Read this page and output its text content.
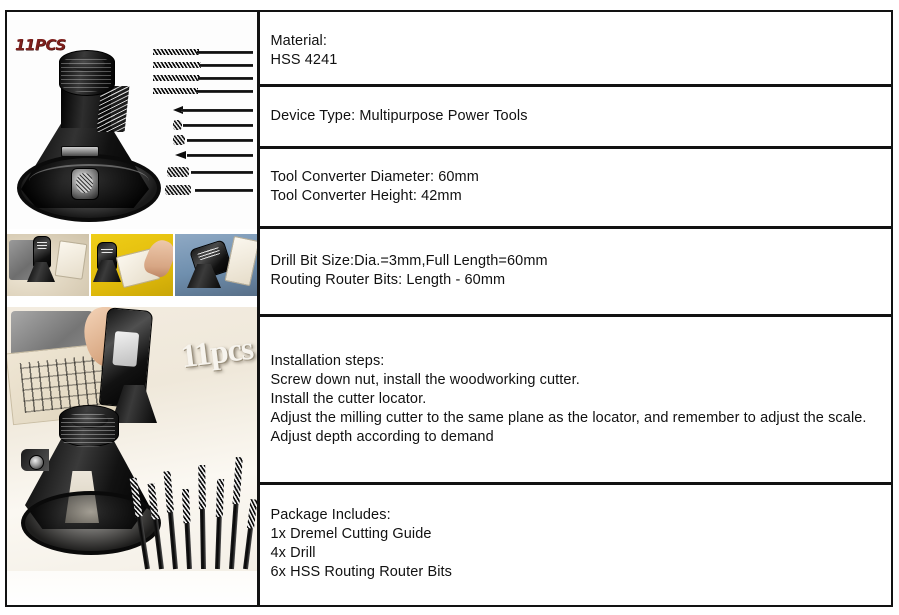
11PCS
11pcs
Material:
HSS 4241
Device Type: Multipurpose Power Tools
Tool Converter Diameter: 60mm
Tool Converter Height: 42mm
Drill Bit Size:Dia.=3mm,Full Length=60mm
Routing Router Bits: Length - 60mm
Installation steps:
Screw down nut, install the woodworking cutter.
Install the cutter locator.
Adjust the milling cutter to the same plane as the locator, and remember to adjust the scale.
Adjust depth according to demand
Package Includes:
1x Dremel Cutting Guide
4x Drill
6x HSS Routing Router Bits
